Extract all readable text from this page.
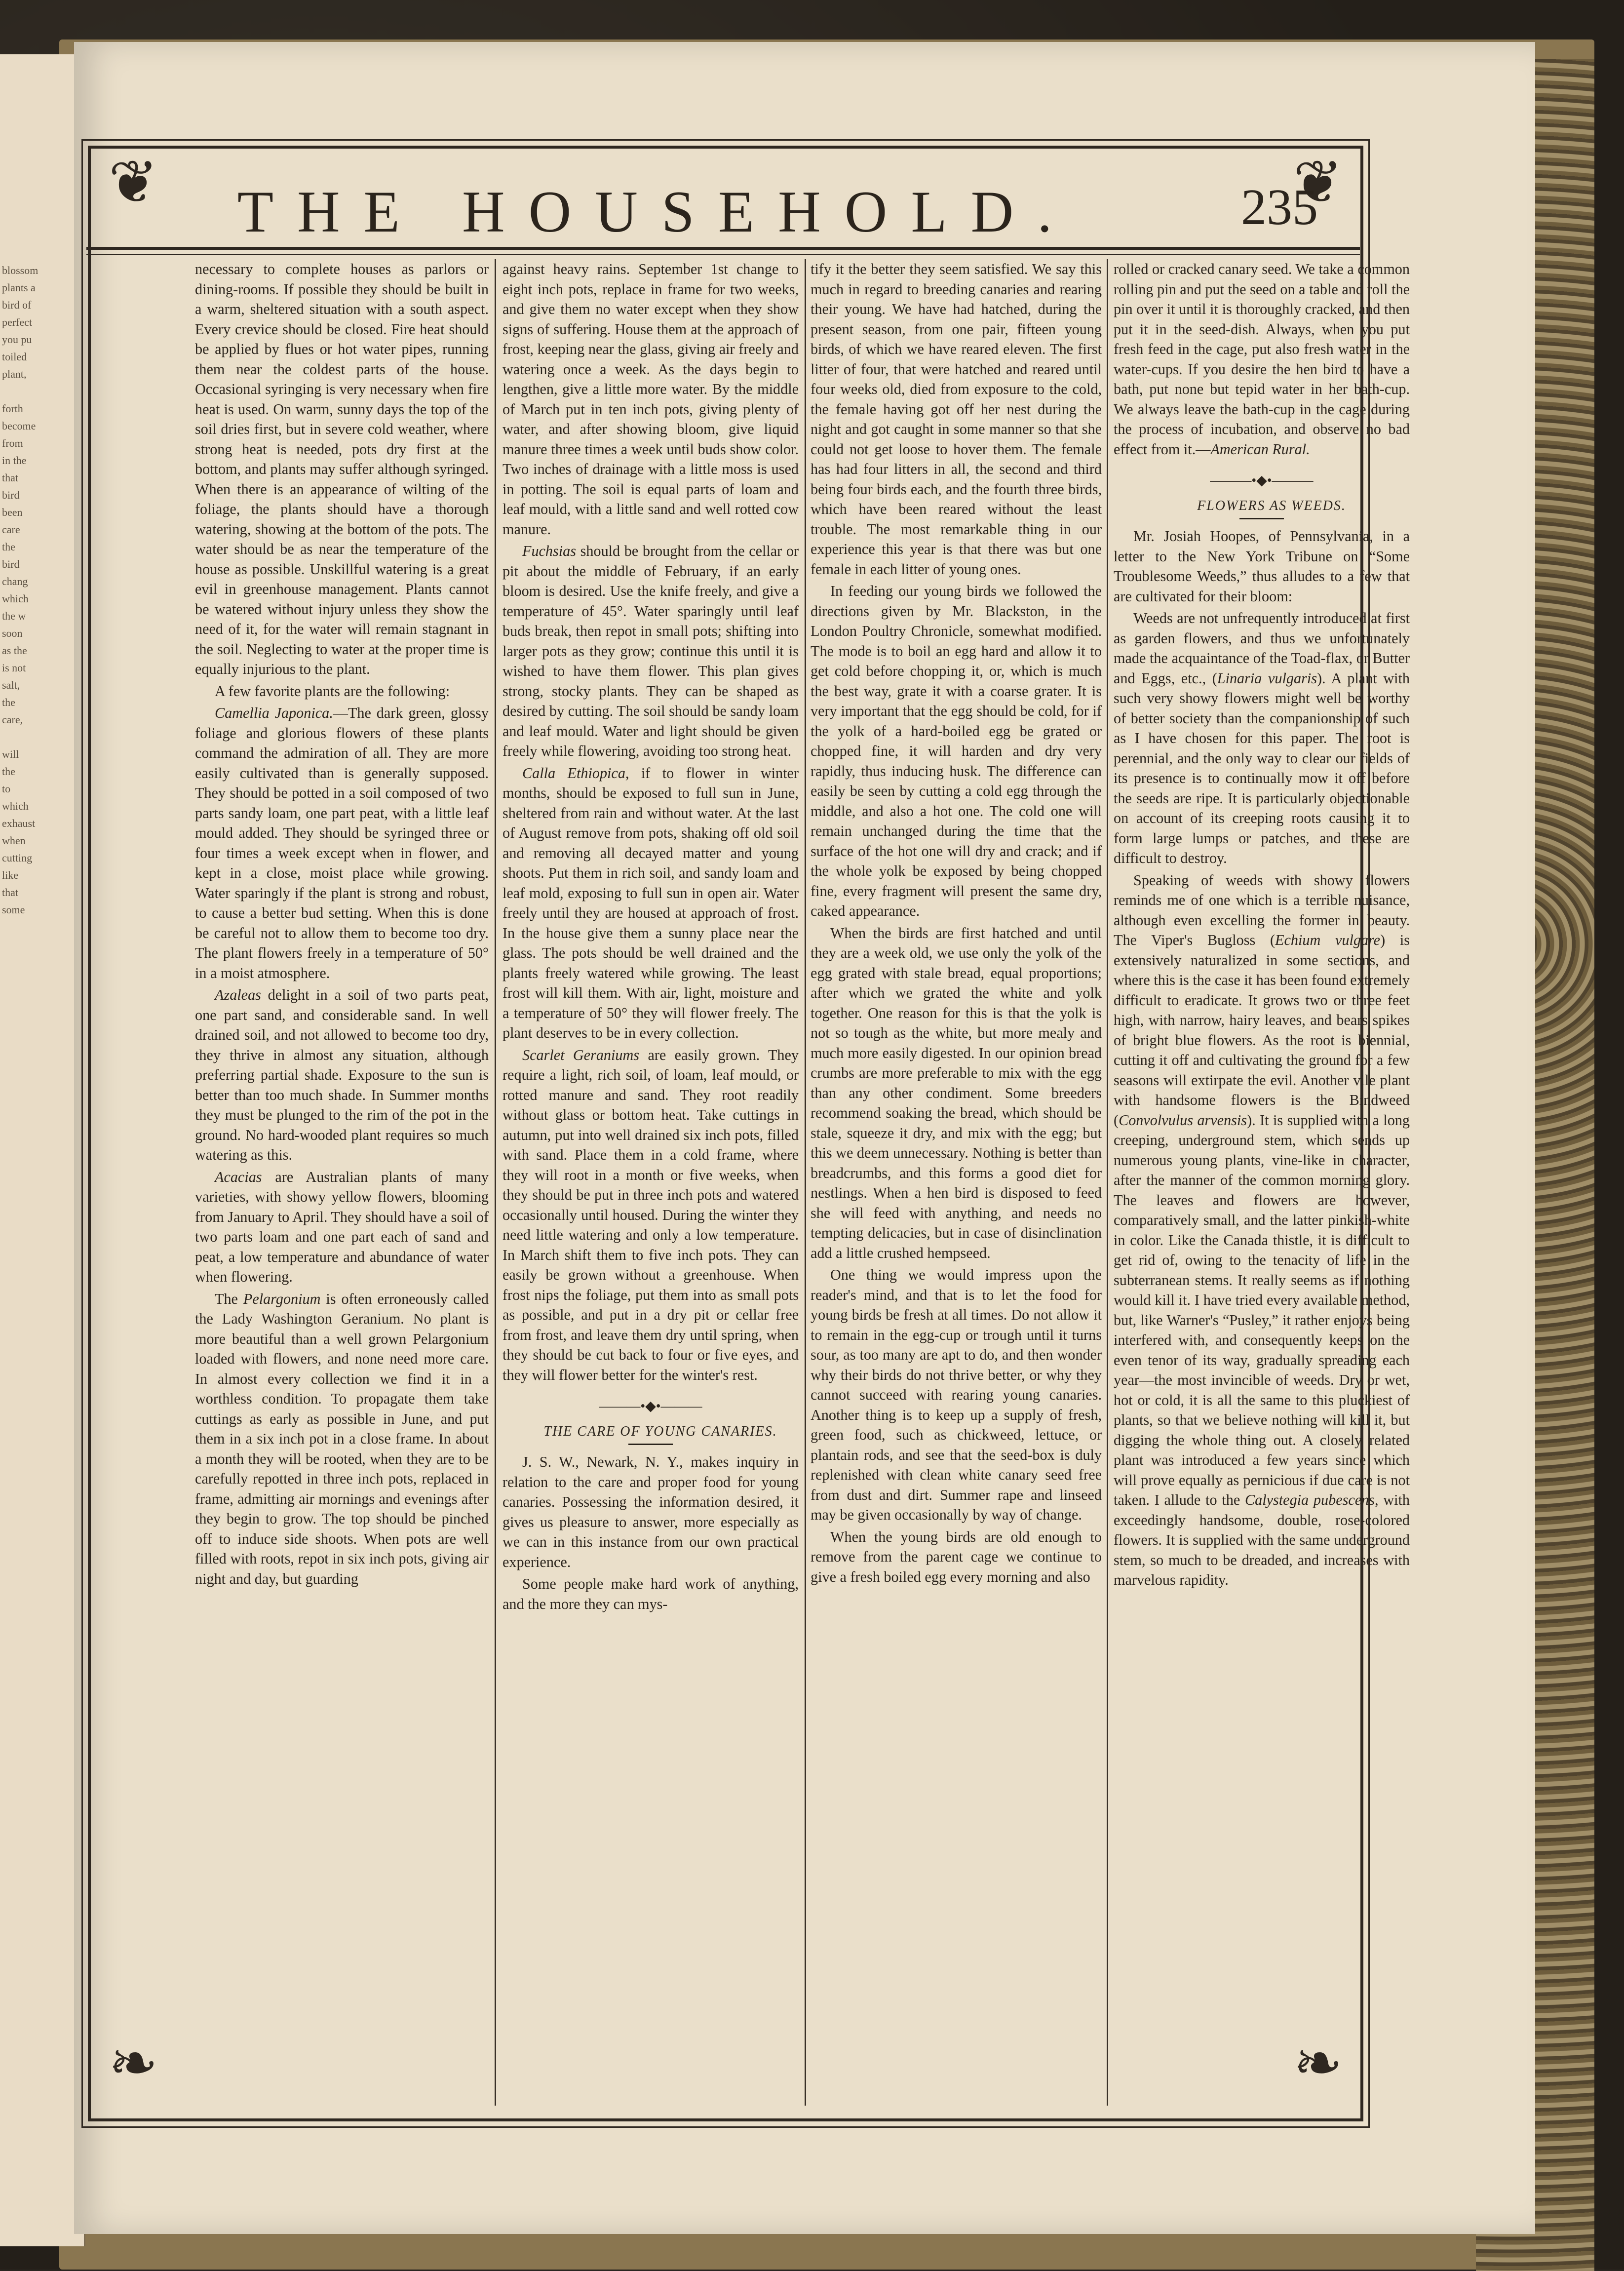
blossom
plants a
bird of
perfect
you pu
toiled
plant,

forth
become
from
in the
that
bird
been
care
the
bird
chang
which
the w
soon
as the
is not
salt,
the
care,

will
the
to
which
exhaust
when
cutting
like
that
some

❦	❦
❧	❧
THE HOUSEHOLD.	235

necessary to complete houses as parlors or dining-rooms. If possible they should be built in a warm, sheltered situation with a south aspect. Every crevice should be closed. Fire heat should be applied by flues or hot water pipes, running them near the coldest parts of the house. Occasional syringing is very necessary when fire heat is used. On warm, sunny days the top of the soil dries first, but in severe cold weather, where strong heat is needed, pots dry first at the bottom, and plants may suffer although syringed. When there is an appearance of wilting of the foliage, the plants should have a thorough watering, showing at the bottom of the pots. The water should be as near the temperature of the house as possible. Unskillful watering is a great evil in greenhouse management. Plants cannot be watered without injury unless they show the need of it, for the water will remain stagnant in the soil. Neglecting to water at the proper time is equally injurious to the plant.

A few favorite plants are the following:

Camellia Japonica.—The dark green, glossy foliage and glorious flowers of these plants command the admiration of all. They are more easily cultivated than is generally supposed. They should be potted in a soil composed of two parts sandy loam, one part peat, with a little leaf mould added. They should be syringed three or four times a week except when in flower, and kept in a close, moist place while growing. Water sparingly if the plant is strong and robust, to cause a better bud setting. When this is done be careful not to allow them to become too dry. The plant flowers freely in a temperature of 50° in a moist atmosphere.

Azaleas delight in a soil of two parts peat, one part sand, and considerable sand. In well drained soil, and not allowed to become too dry, they thrive in almost any situation, although preferring partial shade. Exposure to the sun is better than too much shade. In Summer months they must be plunged to the rim of the pot in the ground. No hard-wooded plant requires so much watering as this.

Acacias are Australian plants of many varieties, with showy yellow flowers, blooming from January to April. They should have a soil of two parts loam and one part each of sand and peat, a low temperature and abundance of water when flowering.

The Pelargonium is often erroneously called the Lady Washington Geranium. No plant is more beautiful than a well grown Pelargonium loaded with flowers, and none need more care. In almost every collection we find it in a worthless condition. To propagate them take cuttings as early as possible in June, and put them in a six inch pot in a close frame. In about a month they will be rooted, when they are to be carefully repotted in three inch pots, replaced in frame, admitting air mornings and evenings after they begin to grow. The top should be pinched off to induce side shoots. When pots are well filled with roots, repot in six inch pots, giving air night and day, but guarding

against heavy rains. September 1st change to eight inch pots, replace in frame for two weeks, and give them no water except when they show signs of suffering. House them at the approach of frost, keeping near the glass, giving air freely and watering once a week. As the days begin to lengthen, give a little more water. By the middle of March put in ten inch pots, giving plenty of water, and after showing bloom, give liquid manure three times a week until buds show color. Two inches of drainage with a little moss is used in potting. The soil is equal parts of loam and leaf mould, with a little sand and well rotted cow manure.

Fuchsias should be brought from the cellar or pit about the middle of February, if an early bloom is desired. Use the knife freely, and give a temperature of 45°. Water sparingly until leaf buds break, then repot in small pots; shifting into larger pots as they grow; continue this until it is wished to have them flower. This plan gives strong, stocky plants. They can be shaped as desired by cutting. The soil should be sandy loam and leaf mould. Water and light should be given freely while flowering, avoiding too strong heat.

Calla Ethiopica, if to flower in winter months, should be exposed to full sun in June, sheltered from rain and without water. At the last of August remove from pots, shaking off old soil and removing all decayed matter and young shoots. Put them in rich soil, and sandy loam and leaf mold, exposing to full sun in open air. Water freely until they are housed at approach of frost. In the house give them a sunny place near the glass. The pots should be well drained and the plants freely watered while growing. The least frost will kill them. With air, light, moisture and a temperature of 50° they will flower freely. The plant deserves to be in every collection.

Scarlet Geraniums are easily grown. They require a light, rich soil, of loam, leaf mould, or rotted manure and sand. They root readily without glass or bottom heat. Take cuttings in autumn, put into well drained six inch pots, filled with sand. Place them in a cold frame, where they will root in a month or five weeks, when they should be put in three inch pots and watered occasionally until housed. During the winter they need little watering and only a low temperature. In March shift them to five inch pots. They can easily be grown without a greenhouse. When frost nips the foliage, put them into as small pots as possible, and put in a dry pit or cellar free from frost, and leave them dry until spring, when they should be cut back to four or five eyes, and they will flower better for the winter's rest.

———•◆•———

THE CARE OF YOUNG CANARIES.

J. S. W., Newark, N. Y., makes inquiry in relation to the care and proper food for young canaries. Possessing the information desired, it gives us pleasure to answer, more especially as we can in this instance from our own practical experience.

Some people make hard work of anything, and the more they can mys-

tify it the better they seem satisfied. We say this much in regard to breeding canaries and rearing their young. We have had hatched, during the present season, from one pair, fifteen young birds, of which we have reared eleven. The first litter of four, that were hatched and reared until four weeks old, died from exposure to the cold, the female having got off her nest during the night and got caught in some manner so that she could not get loose to hover them. The female has had four litters in all, the second and third being four birds each, and the fourth three birds, which have been reared without the least trouble. The most remarkable thing in our experience this year is that there was but one female in each litter of young ones.

In feeding our young birds we followed the directions given by Mr. Blackston, in the London Poultry Chronicle, somewhat modified. The mode is to boil an egg hard and allow it to get cold before chopping it, or, which is much the best way, grate it with a coarse grater. It is very important that the egg should be cold, for if the yolk of a hard-boiled egg be grated or chopped fine, it will harden and dry very rapidly, thus inducing husk. The difference can easily be seen by cutting a cold egg through the middle, and also a hot one. The cold one will remain unchanged during the time that the surface of the hot one will dry and crack; and if the whole yolk be exposed by being chopped fine, every fragment will present the same dry, caked appearance.

When the birds are first hatched and until they are a week old, we use only the yolk of the egg grated with stale bread, equal proportions; after which we grated the white and yolk together. One reason for this is that the yolk is not so tough as the white, but more mealy and much more easily digested. In our opinion bread crumbs are more preferable to mix with the egg than any other condiment. Some breeders recommend soaking the bread, which should be stale, squeeze it dry, and mix with the egg; but this we deem unnecessary. Nothing is better than breadcrumbs, and this forms a good diet for nestlings. When a hen bird is disposed to feed she will feed with anything, and needs no tempting delicacies, but in case of disinclination add a little crushed hempseed.

One thing we would impress upon the reader's mind, and that is to let the food for young birds be fresh at all times. Do not allow it to remain in the egg-cup or trough until it turns sour, as too many are apt to do, and then wonder why their birds do not thrive better, or why they cannot succeed with rearing young canaries. Another thing is to keep up a supply of fresh, green food, such as chickweed, lettuce, or plantain rods, and see that the seed-box is duly replenished with clean white canary seed free from dust and dirt. Summer rape and linseed may be given occasionally by way of change.

When the young birds are old enough to remove from the parent cage we continue to give a fresh boiled egg every morning and also

rolled or cracked canary seed. We take a common rolling pin and put the seed on a table and roll the pin over it until it is thoroughly cracked, and then put it in the seed-dish. Always, when you put fresh feed in the cage, put also fresh water in the water-cups. If you desire the hen bird to have a bath, put none but tepid water in her bath-cup. We always leave the bath-cup in the cage during the process of incubation, and observe no bad effect from it.—American Rural.

———•◆•———

FLOWERS AS WEEDS.

Mr. Josiah Hoopes, of Pennsylvania, in a letter to the New York Tribune on “Some Troublesome Weeds,” thus alludes to a few that are cultivated for their bloom:

Weeds are not unfrequently introduced at first as garden flowers, and thus we unfortunately made the acquaintance of the Toad-flax, or Butter and Eggs, etc., (Linaria vulgaris). A plant with such very showy flowers might well be worthy of better society than the companionship of such as I have chosen for this paper. The root is perennial, and the only way to clear our fields of its presence is to continually mow it off before the seeds are ripe. It is particularly objectionable on account of its creeping roots causing it to form large lumps or patches, and these are difficult to destroy.

Speaking of weeds with showy flowers reminds me of one which is a terrible nuisance, although even excelling the former in beauty. The Viper's Bugloss (Echium vulgare) is extensively naturalized in some sections, and where this is the case it has been found extremely difficult to eradicate. It grows two or three feet high, with narrow, hairy leaves, and bears spikes of bright blue flowers. As the root is biennial, cutting it off and cultivating the ground for a few seasons will extirpate the evil. Another vile plant with handsome flowers is the Bindweed (Convolvulus arvensis). It is supplied with a long creeping, underground stem, which sends up numerous young plants, vine-like in character, after the manner of the common morning glory. The leaves and flowers are however, comparatively small, and the latter pinkish-white in color. Like the Canada thistle, it is difficult to get rid of, owing to the tenacity of life in the subterranean stems. It really seems as if nothing would kill it. I have tried every available method, but, like Warner's “Pusley,” it rather enjoys being interfered with, and consequently keeps on the even tenor of its way, gradually spreading each year—the most invincible of weeds. Dry or wet, hot or cold, it is all the same to this pluckiest of plants, so that we believe nothing will kill it, but digging the whole thing out. A closely related plant was introduced a few years since which will prove equally as pernicious if due care is not taken. I allude to the Calystegia pubescens, with exceedingly handsome, double, rose-colored flowers. It is supplied with the same underground stem, so much to be dreaded, and increases with marvelous rapidity.
